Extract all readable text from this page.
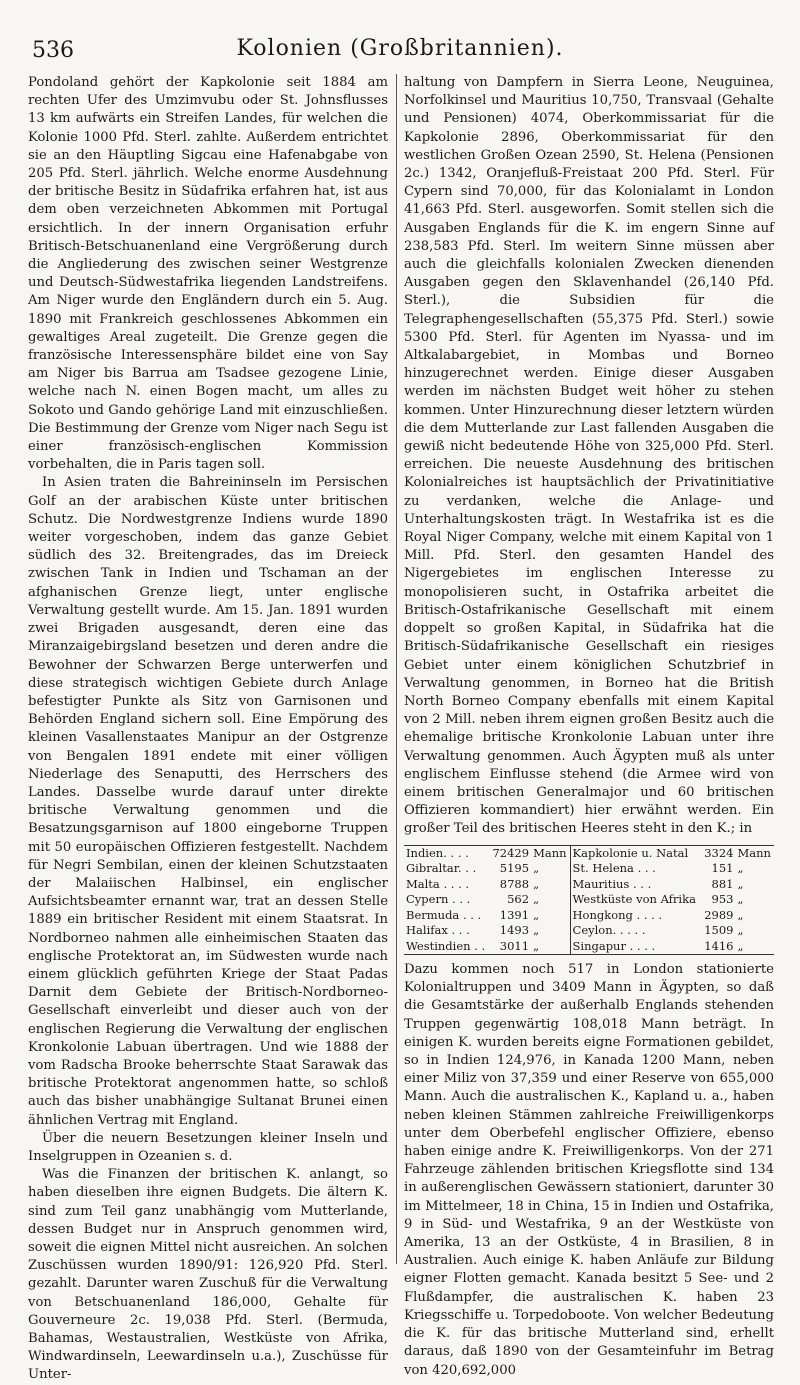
536	Kolonien (Großbritannien).

Pondoland gehört der Kapkolonie seit 1884 am rechten Ufer des Umzimvubu oder St. Johnsflusses 13 km aufwärts ein Streifen Landes, für welchen die Kolonie 1000 Pfd. Sterl. zahlte. Außerdem entrichtet sie an den Häuptling Sigcau eine Hafenabgabe von 205 Pfd. Sterl. jährlich. Welche enorme Ausdehnung der britische Besitz in Südafrika erfahren hat, ist aus dem oben verzeichneten Abkommen mit Portugal ersichtlich. In der innern Organisation erfuhr Britisch-Betschuanenland eine Vergrößerung durch die Angliederung des zwischen seiner Westgrenze und Deutsch-Südwestafrika liegenden Landstreifens. Am Niger wurde den Engländern durch ein 5. Aug. 1890 mit Frankreich geschlossenes Abkommen ein gewaltiges Areal zugeteilt. Die Grenze gegen die französische Interessensphäre bildet eine von Say am Niger bis Barrua am Tsadsee gezogene Linie, welche nach N. einen Bogen macht, um alles zu Sokoto und Gando gehörige Land mit einzuschließen. Die Bestimmung der Grenze vom Niger nach Segu ist einer französisch-englischen Kommission vorbehalten, die in Paris tagen soll.

In Asien traten die Bahreininseln im Persischen Golf an der arabischen Küste unter britischen Schutz. Die Nordwestgrenze Indiens wurde 1890 weiter vorgeschoben, indem das ganze Gebiet südlich des 32. Breitengrades, das im Dreieck zwischen Tank in Indien und Tschaman an der afghanischen Grenze liegt, unter englische Verwaltung gestellt wurde. Am 15. Jan. 1891 wurden zwei Brigaden ausgesandt, deren eine das Miranzaigebirgsland besetzen und deren andre die Bewohner der Schwarzen Berge unterwerfen und diese strategisch wichtigen Gebiete durch Anlage befestigter Punkte als Sitz von Garnisonen und Behörden England sichern soll. Eine Empörung des kleinen Vasallenstaates Manipur an der Ostgrenze von Bengalen 1891 endete mit einer völligen Niederlage des Senaputti, des Herrschers des Landes. Dasselbe wurde darauf unter direkte britische Verwaltung genommen und die Besatzungsgarnison auf 1800 eingeborne Truppen mit 50 europäischen Offizieren festgestellt. Nachdem für Negri Sembilan, einen der kleinen Schutzstaaten der Malaiischen Halbinsel, ein englischer Aufsichtsbeamter ernannt war, trat an dessen Stelle 1889 ein britischer Resident mit einem Staatsrat. In Nordborneo nahmen alle einheimischen Staaten das englische Protektorat an, im Südwesten wurde nach einem glücklich geführten Kriege der Staat Padas Darnit dem Gebiete der Britisch-Nordborneo-Gesellschaft einverleibt und dieser auch von der englischen Regierung die Verwaltung der englischen Kronkolonie Labuan übertragen. Und wie 1888 der vom Radscha Brooke beherrschte Staat Sarawak das britische Protektorat angenommen hatte, so schloß auch das bisher unabhängige Sultanat Brunei einen ähnlichen Vertrag mit England.

Über die neuern Besetzungen kleiner Inseln und Inselgruppen in Ozeanien s. d.

Was die Finanzen der britischen K. anlangt, so haben dieselben ihre eignen Budgets. Die ältern K. sind zum Teil ganz unabhängig vom Mutterlande, dessen Budget nur in Anspruch genommen wird, soweit die eignen Mittel nicht ausreichen. An solchen Zuschüssen wurden 1890/91: 126,920 Pfd. Sterl. gezahlt. Darunter waren Zuschuß für die Verwaltung von Betschuanenland 186,000, Gehalte für Gouverneure 2c. 19,038 Pfd. Sterl. (Bermuda, Bahamas, Westaustralien, Westküste von Afrika, Windwardinseln, Leewardinseln u.a.), Zuschüsse für Unter-

haltung von Dampfern in Sierra Leone, Neuguinea, Norfolkinsel und Mauritius 10,750, Transvaal (Gehalte und Pensionen) 4074, Oberkommissariat für die Kapkolonie 2896, Oberkommissariat für den westlichen Großen Ozean 2590, St. Helena (Pensionen 2c.) 1342, Oranjefluß-Freistaat 200 Pfd. Sterl. Für Cypern sind 70,000, für das Kolonialamt in London 41,663 Pfd. Sterl. ausgeworfen. Somit stellen sich die Ausgaben Englands für die K. im engern Sinne auf 238,583 Pfd. Sterl. Im weitern Sinne müssen aber auch die gleichfalls kolonialen Zwecken dienenden Ausgaben gegen den Sklavenhandel (26,140 Pfd. Sterl.), die Subsidien für die Telegraphengesellschaften (55,375 Pfd. Sterl.) sowie 5300 Pfd. Sterl. für Agenten im Nyassa- und im Altkalabargebiet, in Mombas und Borneo hinzugerechnet werden. Einige dieser Ausgaben werden im nächsten Budget weit höher zu stehen kommen. Unter Hinzurechnung dieser letztern würden die dem Mutterlande zur Last fallenden Ausgaben die gewiß nicht bedeutende Höhe von 325,000 Pfd. Sterl. erreichen. Die neueste Ausdehnung des britischen Kolonialreiches ist hauptsächlich der Privatinitiative zu verdanken, welche die Anlage- und Unterhaltungskosten trägt. In Westafrika ist es die Royal Niger Company, welche mit einem Kapital von 1 Mill. Pfd. Sterl. den gesamten Handel des Nigergebietes im englischen Interesse zu monopolisieren sucht, in Ostafrika arbeitet die Britisch-Ostafrikanische Gesellschaft mit einem doppelt so großen Kapital, in Südafrika hat die Britisch-Südafrikanische Gesellschaft ein riesiges Gebiet unter einem königlichen Schutzbrief in Verwaltung genommen, in Borneo hat die British North Borneo Company ebenfalls mit einem Kapital von 2 Mill. neben ihrem eignen großen Besitz auch die ehemalige britische Kronkolonie Labuan unter ihre Verwaltung genommen. Auch Ägypten muß als unter englischem Einflusse stehend (die Armee wird von einem britischen Generalmajor und 60 britischen Offizieren kommandiert) hier erwähnt werden. Ein großer Teil des britischen Heeres steht in den K.; in

Indien. . . .	72429	Mann	Kapkolonie u. Natal	3324	Mann
Gibraltar. . .	5195	„	St. Helena . . .	151	„
Malta . . . .	8788	„	Mauritius . . .	881	„
Cypern . . .	562	„	Westküste von Afrika	953	„
Bermuda . . .	1391	„	Hongkong . . . .	2989	„
Halifax . . .	1493	„	Ceylon. . . . .	1509	„
Westindien . .	3011	„	Singapur . . . .	1416	„

Dazu kommen noch 517 in London stationierte Kolonialtruppen und 3409 Mann in Ägypten, so daß die Gesamtstärke der außerhalb Englands stehenden Truppen gegenwärtig 108,018 Mann beträgt. In einigen K. wurden bereits eigne Formationen gebildet, so in Indien 124,976, in Kanada 1200 Mann, neben einer Miliz von 37,359 und einer Reserve von 655,000 Mann. Auch die australischen K., Kapland u. a., haben neben kleinen Stämmen zahlreiche Freiwilligenkorps unter dem Oberbefehl englischer Offiziere, ebenso haben einige andre K. Freiwilligenkorps. Von der 271 Fahrzeuge zählenden britischen Kriegsflotte sind 134 in außerenglischen Gewässern stationiert, darunter 30 im Mittelmeer, 18 in China, 15 in Indien und Ostafrika, 9 in Süd- und Westafrika, 9 an der Westküste von Amerika, 13 an der Ostküste, 4 in Brasilien, 8 in Australien. Auch einige K. haben Anläufe zur Bildung eigner Flotten gemacht. Kanada besitzt 5 See- und 2 Flußdampfer, die australischen K. haben 23 Kriegsschiffe u. Torpedoboote. Von welcher Bedeutung die K. für das britische Mutterland sind, erhellt daraus, daß 1890 von der Gesamteinfuhr im Betrag von 420,692,000
